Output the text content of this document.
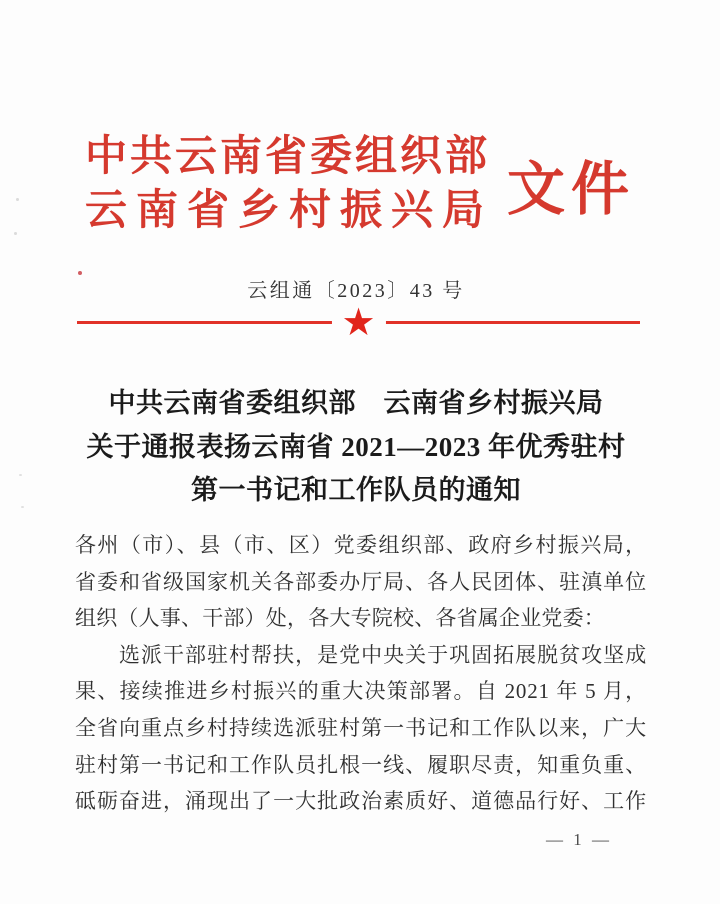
中共云南省委组织部
云南省乡村振兴局 文件
云组通〔2023〕43 号
★
中共云南省委组织部　云南省乡村振兴局
关于通报表扬云南省 2021—2023 年优秀驻村
第一书记和工作队员的通知
各州（市）、县（市、区）党委组织部、政府乡村振兴局，
省委和省级国家机关各部委办厅局、各人民团体、驻滇单位
组织（人事、干部）处，各大专院校、各省属企业党委：
选派干部驻村帮扶，是党中央关于巩固拓展脱贫攻坚成
果、接续推进乡村振兴的重大决策部署。自 2021 年 5 月，
全省向重点乡村持续选派驻村第一书记和工作队以来，广大
驻村第一书记和工作队员扎根一线、履职尽责，知重负重、
砥砺奋进，涌现出了一大批政治素质好、道德品行好、工作
— 1 —
